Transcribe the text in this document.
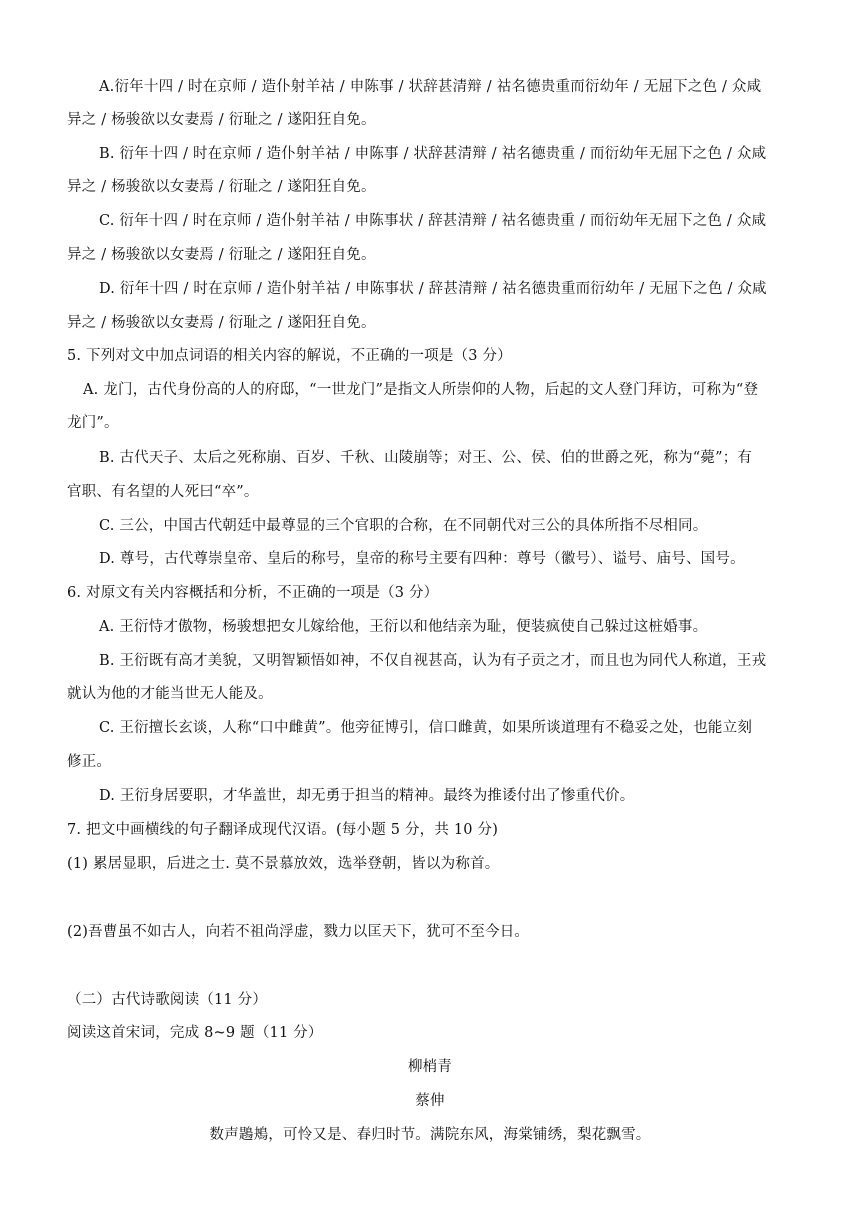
A.衍年十四 / 时在京师 / 造仆射羊祜 / 申陈事 / 状辞甚清辩 / 祜名德贵重而衍幼年 / 无屈下之色 / 众咸
异之 / 杨骏欲以女妻焉 / 衍耻之 / 遂阳狂自免。
B. 衍年十四 / 时在京师 / 造仆射羊祜 / 申陈事 / 状辞甚清辩 / 祜名德贵重 / 而衍幼年无屈下之色 / 众咸
异之 / 杨骏欲以女妻焉 / 衍耻之 / 遂阳狂自免。
C. 衍年十四 / 时在京师 / 造仆射羊祜 / 申陈事状 / 辞甚清辩 / 祜名德贵重 / 而衍幼年无屈下之色 / 众咸
异之 / 杨骏欲以女妻焉 / 衍耻之 / 遂阳狂自免。
D. 衍年十四 / 时在京师 / 造仆射羊祜 / 申陈事状 / 辞甚清辩 / 祜名德贵重而衍幼年 / 无屈下之色 / 众咸
异之 / 杨骏欲以女妻焉 / 衍耻之 / 遂阳狂自免。
5. 下列对文中加点词语的相关内容的解说，不正确的一项是（3 分）
A. 龙门，古代身份高的人的府邸，“一世龙门”是指文人所崇仰的人物，后起的文人登门拜访，可称为“登
龙门”。
B. 古代天子、太后之死称崩、百岁、千秋、山陵崩等；对王、公、侯、伯的世爵之死，称为“薨”；有
官职、有名望的人死曰“卒”。
C. 三公，中国古代朝廷中最尊显的三个官职的合称，在不同朝代对三公的具体所指不尽相同。
D. 尊号，古代尊崇皇帝、皇后的称号，皇帝的称号主要有四种：尊号（徽号）、谥号、庙号、国号。
6. 对原文有关内容概括和分析，不正确的一项是（3 分）
A. 王衍恃才傲物，杨骏想把女儿嫁给他，王衍以和他结亲为耻，便装疯使自己躲过这桩婚事。
B. 王衍既有高才美貌，又明智颖悟如神，不仅自视甚高，认为有子贡之才，而且也为同代人称道，王戎
就认为他的才能当世无人能及。
C. 王衍擅长玄谈，人称“口中雌黄”。他旁征博引，信口雌黄，如果所谈道理有不稳妥之处，也能立刻
修正。
D. 王衍身居要职，才华盖世，却无勇于担当的精神。最终为推诿付出了惨重代价。
7. 把文中画横线的句子翻译成现代汉语。(每小题 5 分，共 10 分)
(1) 累居显职，后进之士. 莫不景慕放效，选举登朝，皆以为称首。
(2)吾曹虽不如古人，向若不祖尚浮虚，戮力以匡天下，犹可不至今日。
（二）古代诗歌阅读（11 分）
阅读这首宋词，完成 8~9 题（11 分）
柳梢青
蔡伸
数声鶗鴂，可怜又是、春归时节。满院东风，海棠铺绣，梨花飘雪。
